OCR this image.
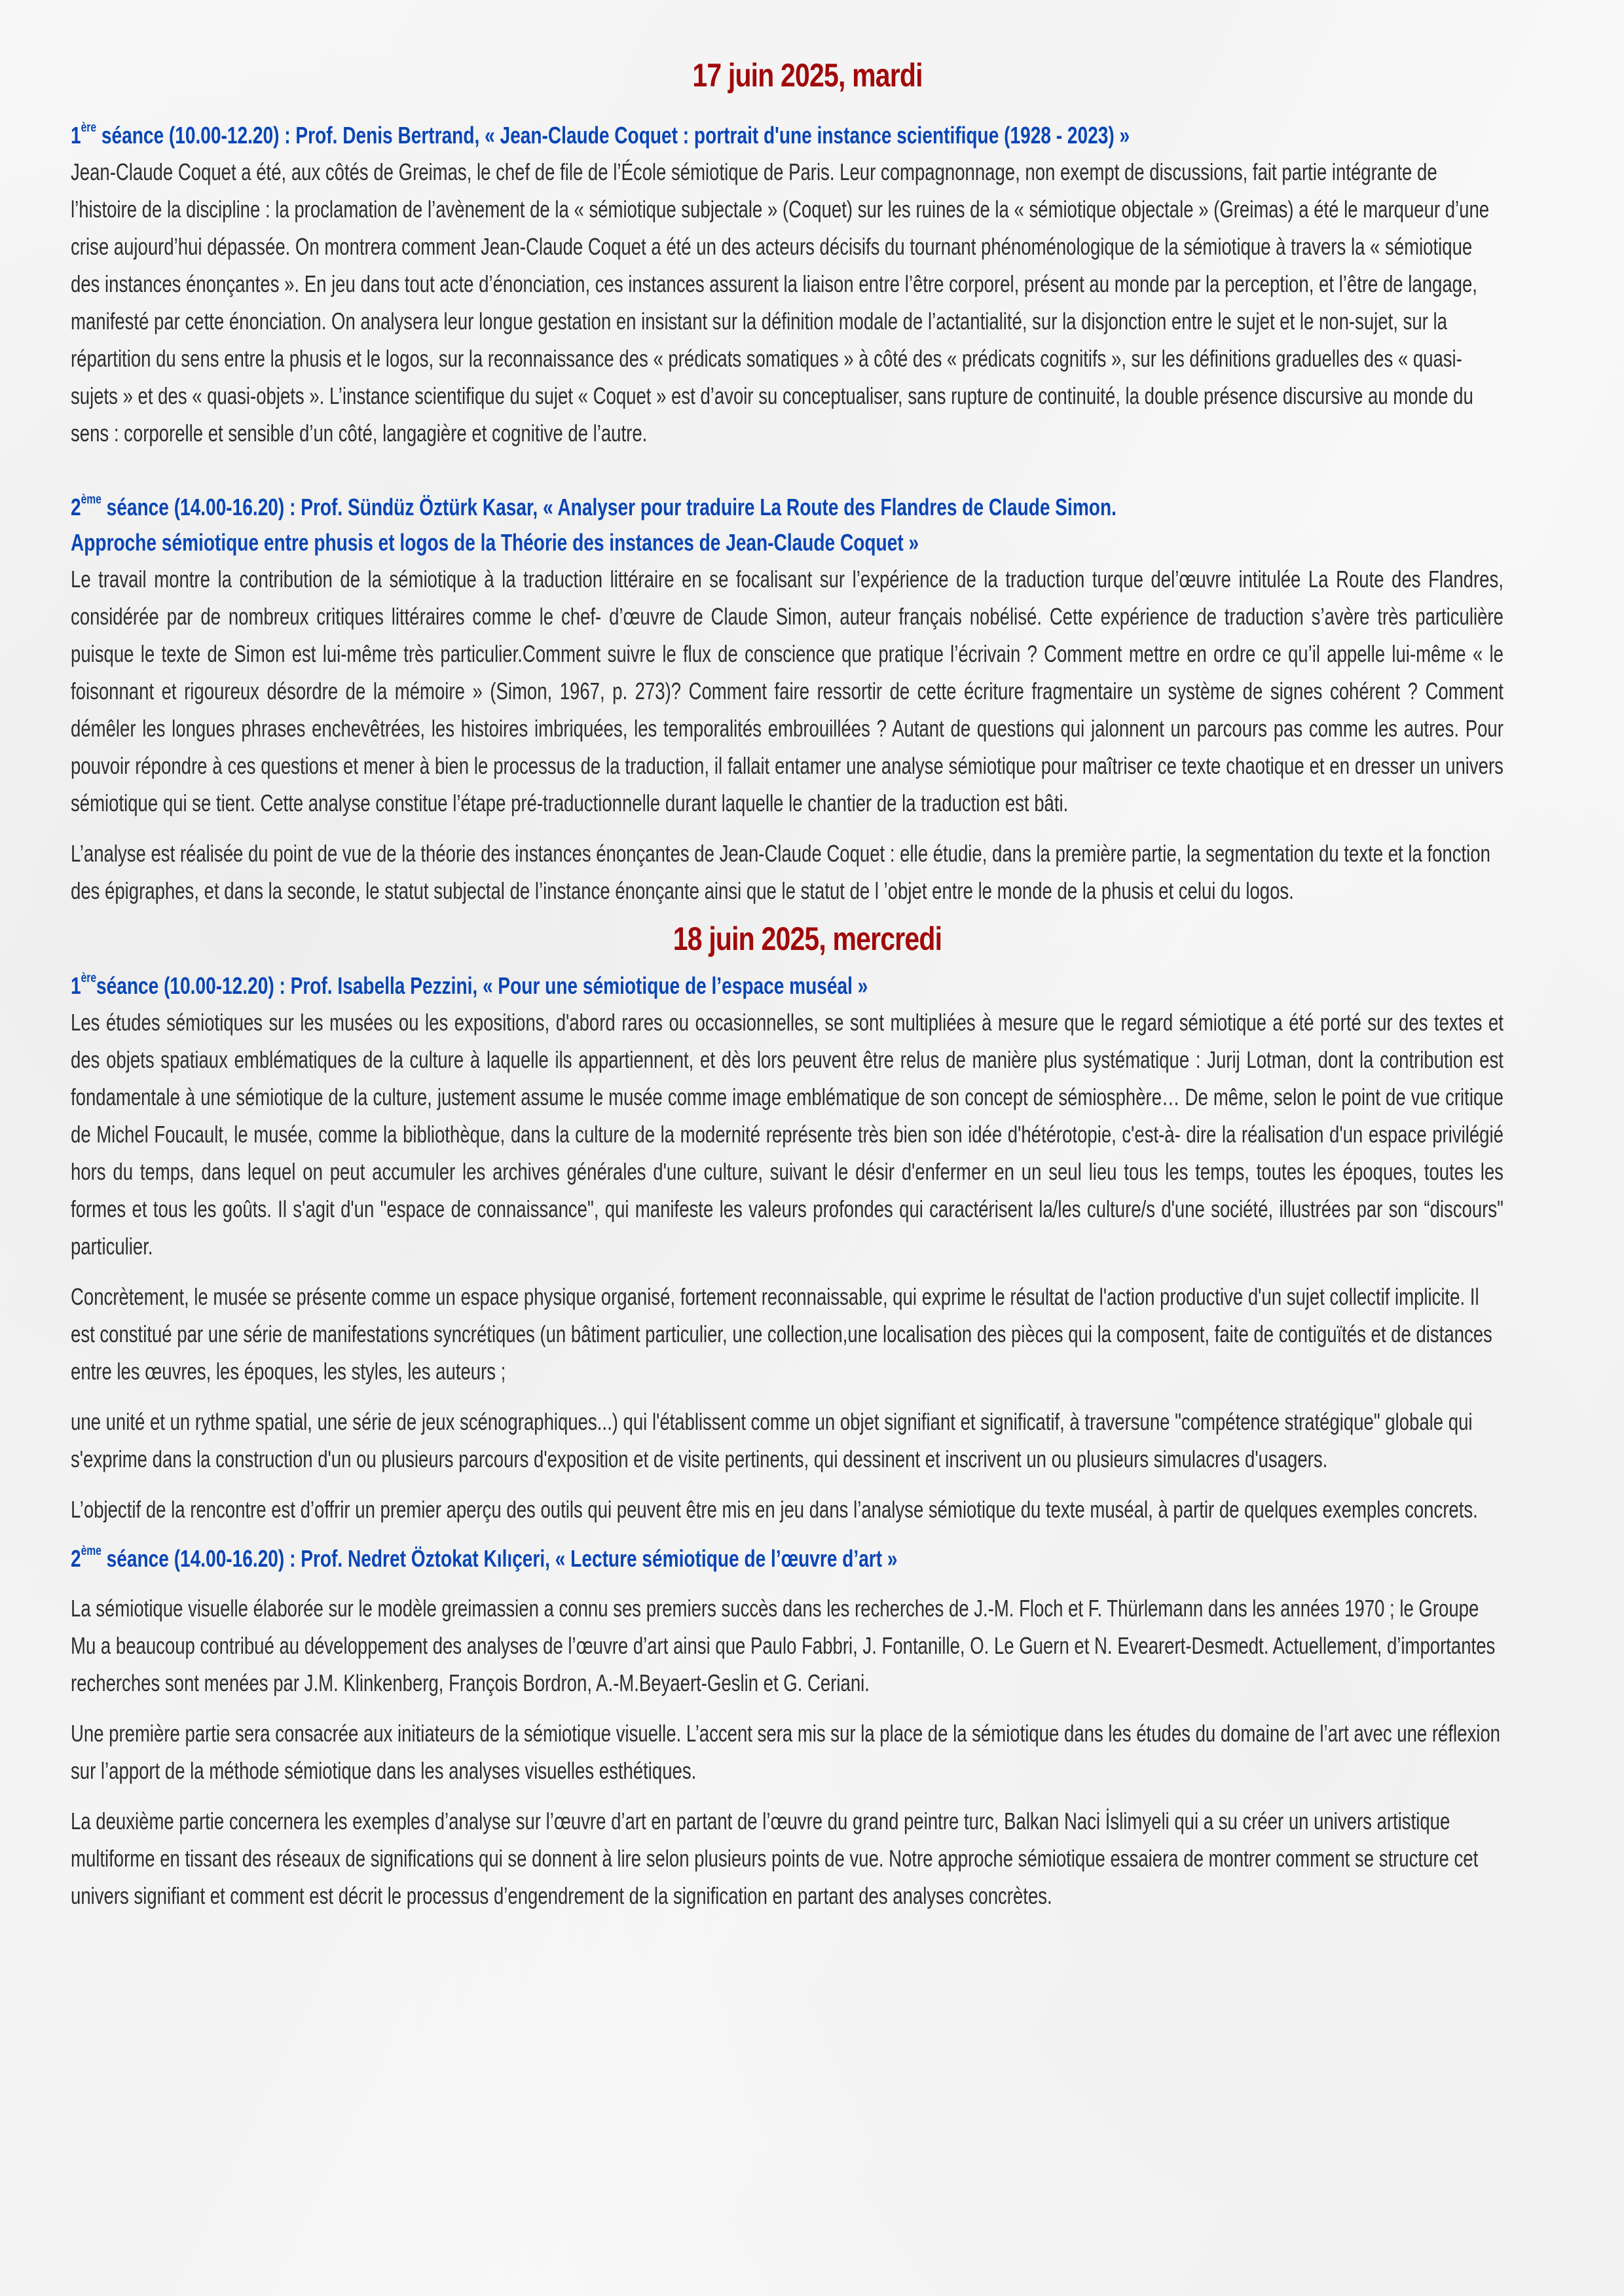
17 juin 2025, mardi
1ère séance (10.00-12.20) : Prof. Denis Bertrand, « Jean-Claude Coquet : portrait d'une instance scientifique (1928 - 2023) »

Jean-Claude Coquet a été, aux côtés de Greimas, le chef de file de l’École sémiotique de Paris. Leur compagnonnage, non exempt de discussions, fait partie intégrante de l’histoire de la discipline : la proclamation de l’avènement de la « sémiotique subjectale » (Coquet) sur les ruines de la « sémiotique objectale » (Greimas) a été le marqueur d’une crise aujourd’hui dépassée. On montrera comment Jean-Claude Coquet a été un des acteurs décisifs du tournant phénoménologique de la sémiotique à travers la « sémiotique des instances énonçantes ». En jeu dans tout acte d’énonciation, ces instances assurent la liaison entre l’être corporel, présent au monde par la perception, et l’être de langage, manifesté par cette énonciation. On analysera leur longue gestation en insistant sur la définition modale de l’actantialité, sur la disjonction entre le sujet et le non-sujet, sur la répartition du sens entre la phusis et le logos, sur la reconnaissance des « prédicats somatiques » à côté des « prédicats cognitifs », sur les définitions graduelles des « quasi-sujets » et des « quasi-objets ». L’instance scientifique du sujet « Coquet » est d’avoir su conceptualiser, sans rupture de continuité, la double présence discursive au monde du sens : corporelle et sensible d’un côté, langagière et cognitive de l’autre.

2ème séance (14.00-16.20) : Prof. Sündüz Öztürk Kasar, « Analyser pour traduire La Route des Flandres de Claude Simon.
Approche sémiotique entre phusis et logos de la Théorie des instances de Jean-Claude Coquet »

Le travail montre la contribution de la sémiotique à la traduction littéraire en se focalisant sur l’expérience de la traduction turque del’œuvre intitulée La Route des Flandres, considérée par de nombreux critiques littéraires comme le chef- d’œuvre de Claude Simon, auteur français nobélisé. Cette expérience de traduction s’avère très particulière puisque le texte de Simon est lui-même très particulier.Comment suivre le flux de conscience que pratique l’écrivain ? Comment mettre en ordre ce qu’il appelle lui-même « le foisonnant et rigoureux désordre de la mémoire » (Simon, 1967, p. 273)? Comment faire ressortir de cette écriture fragmentaire un système de signes cohérent ? Comment démêler les longues phrases enchevêtrées, les histoires imbriquées, les temporalités embrouillées ? Autant de questions qui jalonnent un parcours pas comme les autres. Pour pouvoir répondre à ces questions et mener à bien le processus de la traduction, il fallait entamer une analyse sémiotique pour maîtriser ce texte chaotique et en dresser un univers sémiotique qui se tient. Cette analyse constitue l’étape pré-traductionnelle durant laquelle le chantier de la traduction est bâti.

L’analyse est réalisée du point de vue de la théorie des instances énonçantes de Jean-Claude Coquet : elle étudie, dans la première partie, la segmentation du texte et la fonction des épigraphes, et dans la seconde, le statut subjectal de l’instance énonçante ainsi que le statut de l ’objet entre le monde de la phusis et celui du logos.

18 juin 2025, mercredi
1èreséance (10.00-12.20) : Prof. Isabella Pezzini, « Pour une sémiotique de l’espace muséal »

Les études sémiotiques sur les musées ou les expositions, d'abord rares ou occasionnelles, se sont multipliées à mesure que le regard sémiotique a été porté sur des textes et des objets spatiaux emblématiques de la culture à laquelle ils appartiennent, et dès lors peuvent être relus de manière plus systématique : Jurij Lotman, dont la contribution est fondamentale à une sémiotique de la culture, justement assume le musée comme image emblématique de son concept de sémiosphère… De même, selon le point de vue critique de Michel Foucault, le musée, comme la bibliothèque, dans la culture de la modernité représente très bien son idée d'hétérotopie, c'est-à- dire la réalisation d'un espace privilégié hors du temps, dans lequel on peut accumuler les archives générales d'une culture, suivant le désir d'enfermer en un seul lieu tous les temps, toutes les époques, toutes les formes et tous les goûts. Il s'agit d'un "espace de connaissance", qui manifeste les valeurs profondes qui caractérisent la/les culture/s d'une société, illustrées par son “discours" particulier.

Concrètement, le musée se présente comme un espace physique organisé, fortement reconnaissable, qui exprime le résultat de l'action productive d'un sujet collectif implicite. Il est constitué par une série de manifestations syncrétiques (un bâtiment particulier, une collection,une localisation des pièces qui la composent, faite de contiguïtés et de distances entre les œuvres, les époques, les styles, les auteurs ;

une unité et un rythme spatial, une série de jeux scénographiques...) qui l'établissent comme un objet signifiant et significatif, à traversune "compétence stratégique" globale qui s'exprime dans la construction d'un ou plusieurs parcours d'exposition et de visite pertinents, qui dessinent et inscrivent un ou plusieurs simulacres d'usagers.

L’objectif de la rencontre est d’offrir un premier aperçu des outils qui peuvent être mis en jeu dans l’analyse sémiotique du texte muséal, à partir de quelques exemples concrets.

2ème séance (14.00-16.20) : Prof. Nedret Öztokat Kılıçeri, « Lecture sémiotique de l’œuvre d’art »

La sémiotique visuelle élaborée sur le modèle greimassien a connu ses premiers succès dans les recherches de J.-M. Floch et F. Thürlemann dans les années 1970 ; le Groupe Mu a beaucoup contribué au développement des analyses de l’œuvre d’art ainsi que Paulo Fabbri, J. Fontanille, O. Le Guern et N. Evearert-Desmedt. Actuellement, d’importantes recherches sont menées par J.M. Klinkenberg, François Bordron, A.-M.Beyaert-Geslin et G. Ceriani.

Une première partie sera consacrée aux initiateurs de la sémiotique visuelle. L’accent sera mis sur la place de la sémiotique dans les études du domaine de l’art avec une réflexion sur l’apport de la méthode sémiotique dans les analyses visuelles esthétiques.

La deuxième partie concernera les exemples d’analyse sur l’œuvre d’art en partant de l’œuvre du grand peintre turc, Balkan Naci İslimyeli qui a su créer un univers artistique multiforme en tissant des réseaux de significations qui se donnent à lire selon plusieurs points de vue. Notre approche sémiotique essaiera de montrer comment se structure cet univers signifiant et comment est décrit le processus d’engendrement de la signification en partant des analyses concrètes.
